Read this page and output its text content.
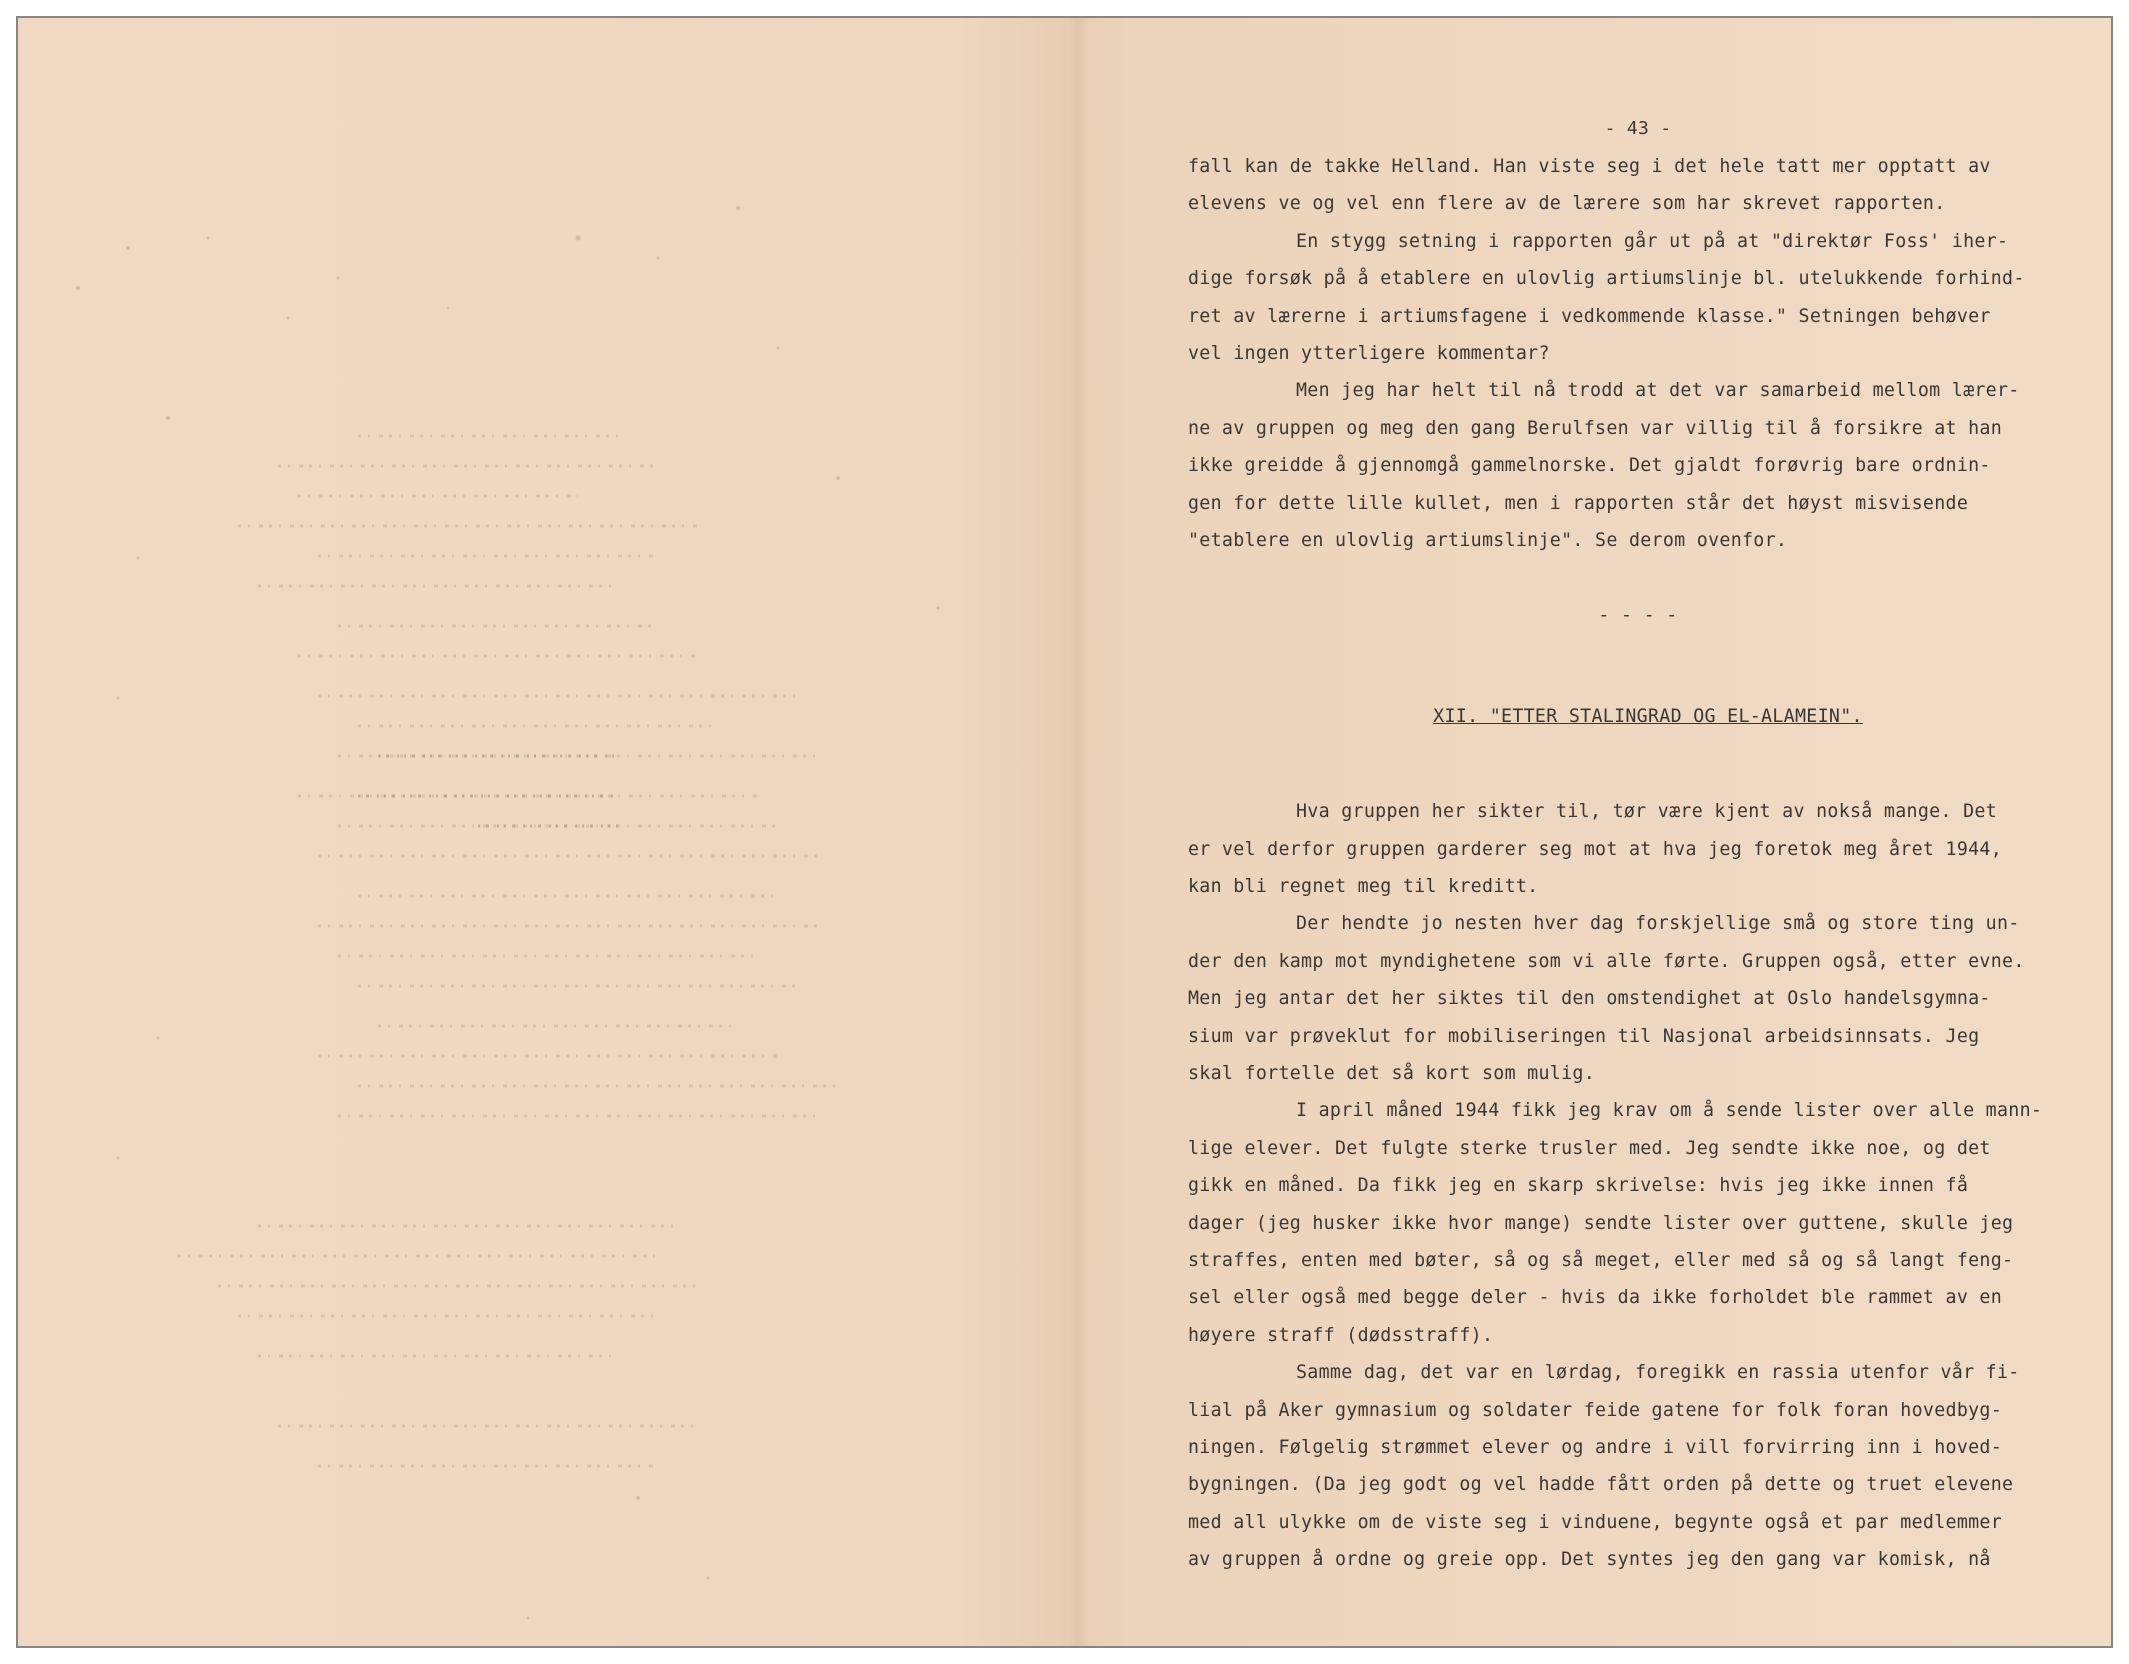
- 43 -

fall kan de takke Helland. Han viste seg i det hele tatt mer opptatt av
elevens ve og vel enn flere av de lærere som har skrevet rapporten.

En stygg setning i rapporten går ut på at "direktør Foss' iher-
dige forsøk på å etablere en ulovlig artiumslinje bl. utelukkende forhind-
ret av lærerne i artiumsfagene i vedkommende klasse." Setningen behøver
vel ingen ytterligere kommentar?

Men jeg har helt til nå trodd at det var samarbeid mellom lærer-
ne av gruppen og meg den gang Berulfsen var villig til å forsikre at han
ikke greidde å gjennomgå gammelnorske. Det gjaldt forøvrig bare ordnin-
gen for dette lille kullet, men i rapporten står det høyst misvisende
"etablere en ulovlig artiumslinje". Se derom ovenfor.

- - - -
XII. "ETTER STALINGRAD OG EL-ALAMEIN".

Hva gruppen her sikter til, tør være kjent av nokså mange. Det
er vel derfor gruppen garderer seg mot at hva jeg foretok meg året 1944,
kan bli regnet meg til kreditt.

Der hendte jo nesten hver dag forskjellige små og store ting un-
der den kamp mot myndighetene som vi alle førte. Gruppen også, etter evne.
Men jeg antar det her siktes til den omstendighet at Oslo handelsgymna-
sium var prøveklut for mobiliseringen til Nasjonal arbeidsinnsats. Jeg
skal fortelle det så kort som mulig.

I april måned 1944 fikk jeg krav om å sende lister over alle mann-
lige elever. Det fulgte sterke trusler med. Jeg sendte ikke noe, og det
gikk en måned. Da fikk jeg en skarp skrivelse: hvis jeg ikke innen få
dager (jeg husker ikke hvor mange) sendte lister over guttene, skulle jeg
straffes, enten med bøter, så og så meget, eller med så og så langt feng-
sel eller også med begge deler - hvis da ikke forholdet ble rammet av en
høyere straff (dødsstraff).

Samme dag, det var en lørdag, foregikk en rassia utenfor vår fi-
lial på Aker gymnasium og soldater feide gatene for folk foran hovedbyg-
ningen. Følgelig strømmet elever og andre i vill forvirring inn i hoved-
bygningen. (Da jeg godt og vel hadde fått orden på dette og truet elevene
med all ulykke om de viste seg i vinduene, begynte også et par medlemmer
av gruppen å ordne og greie opp. Det syntes jeg den gang var komisk, nå
